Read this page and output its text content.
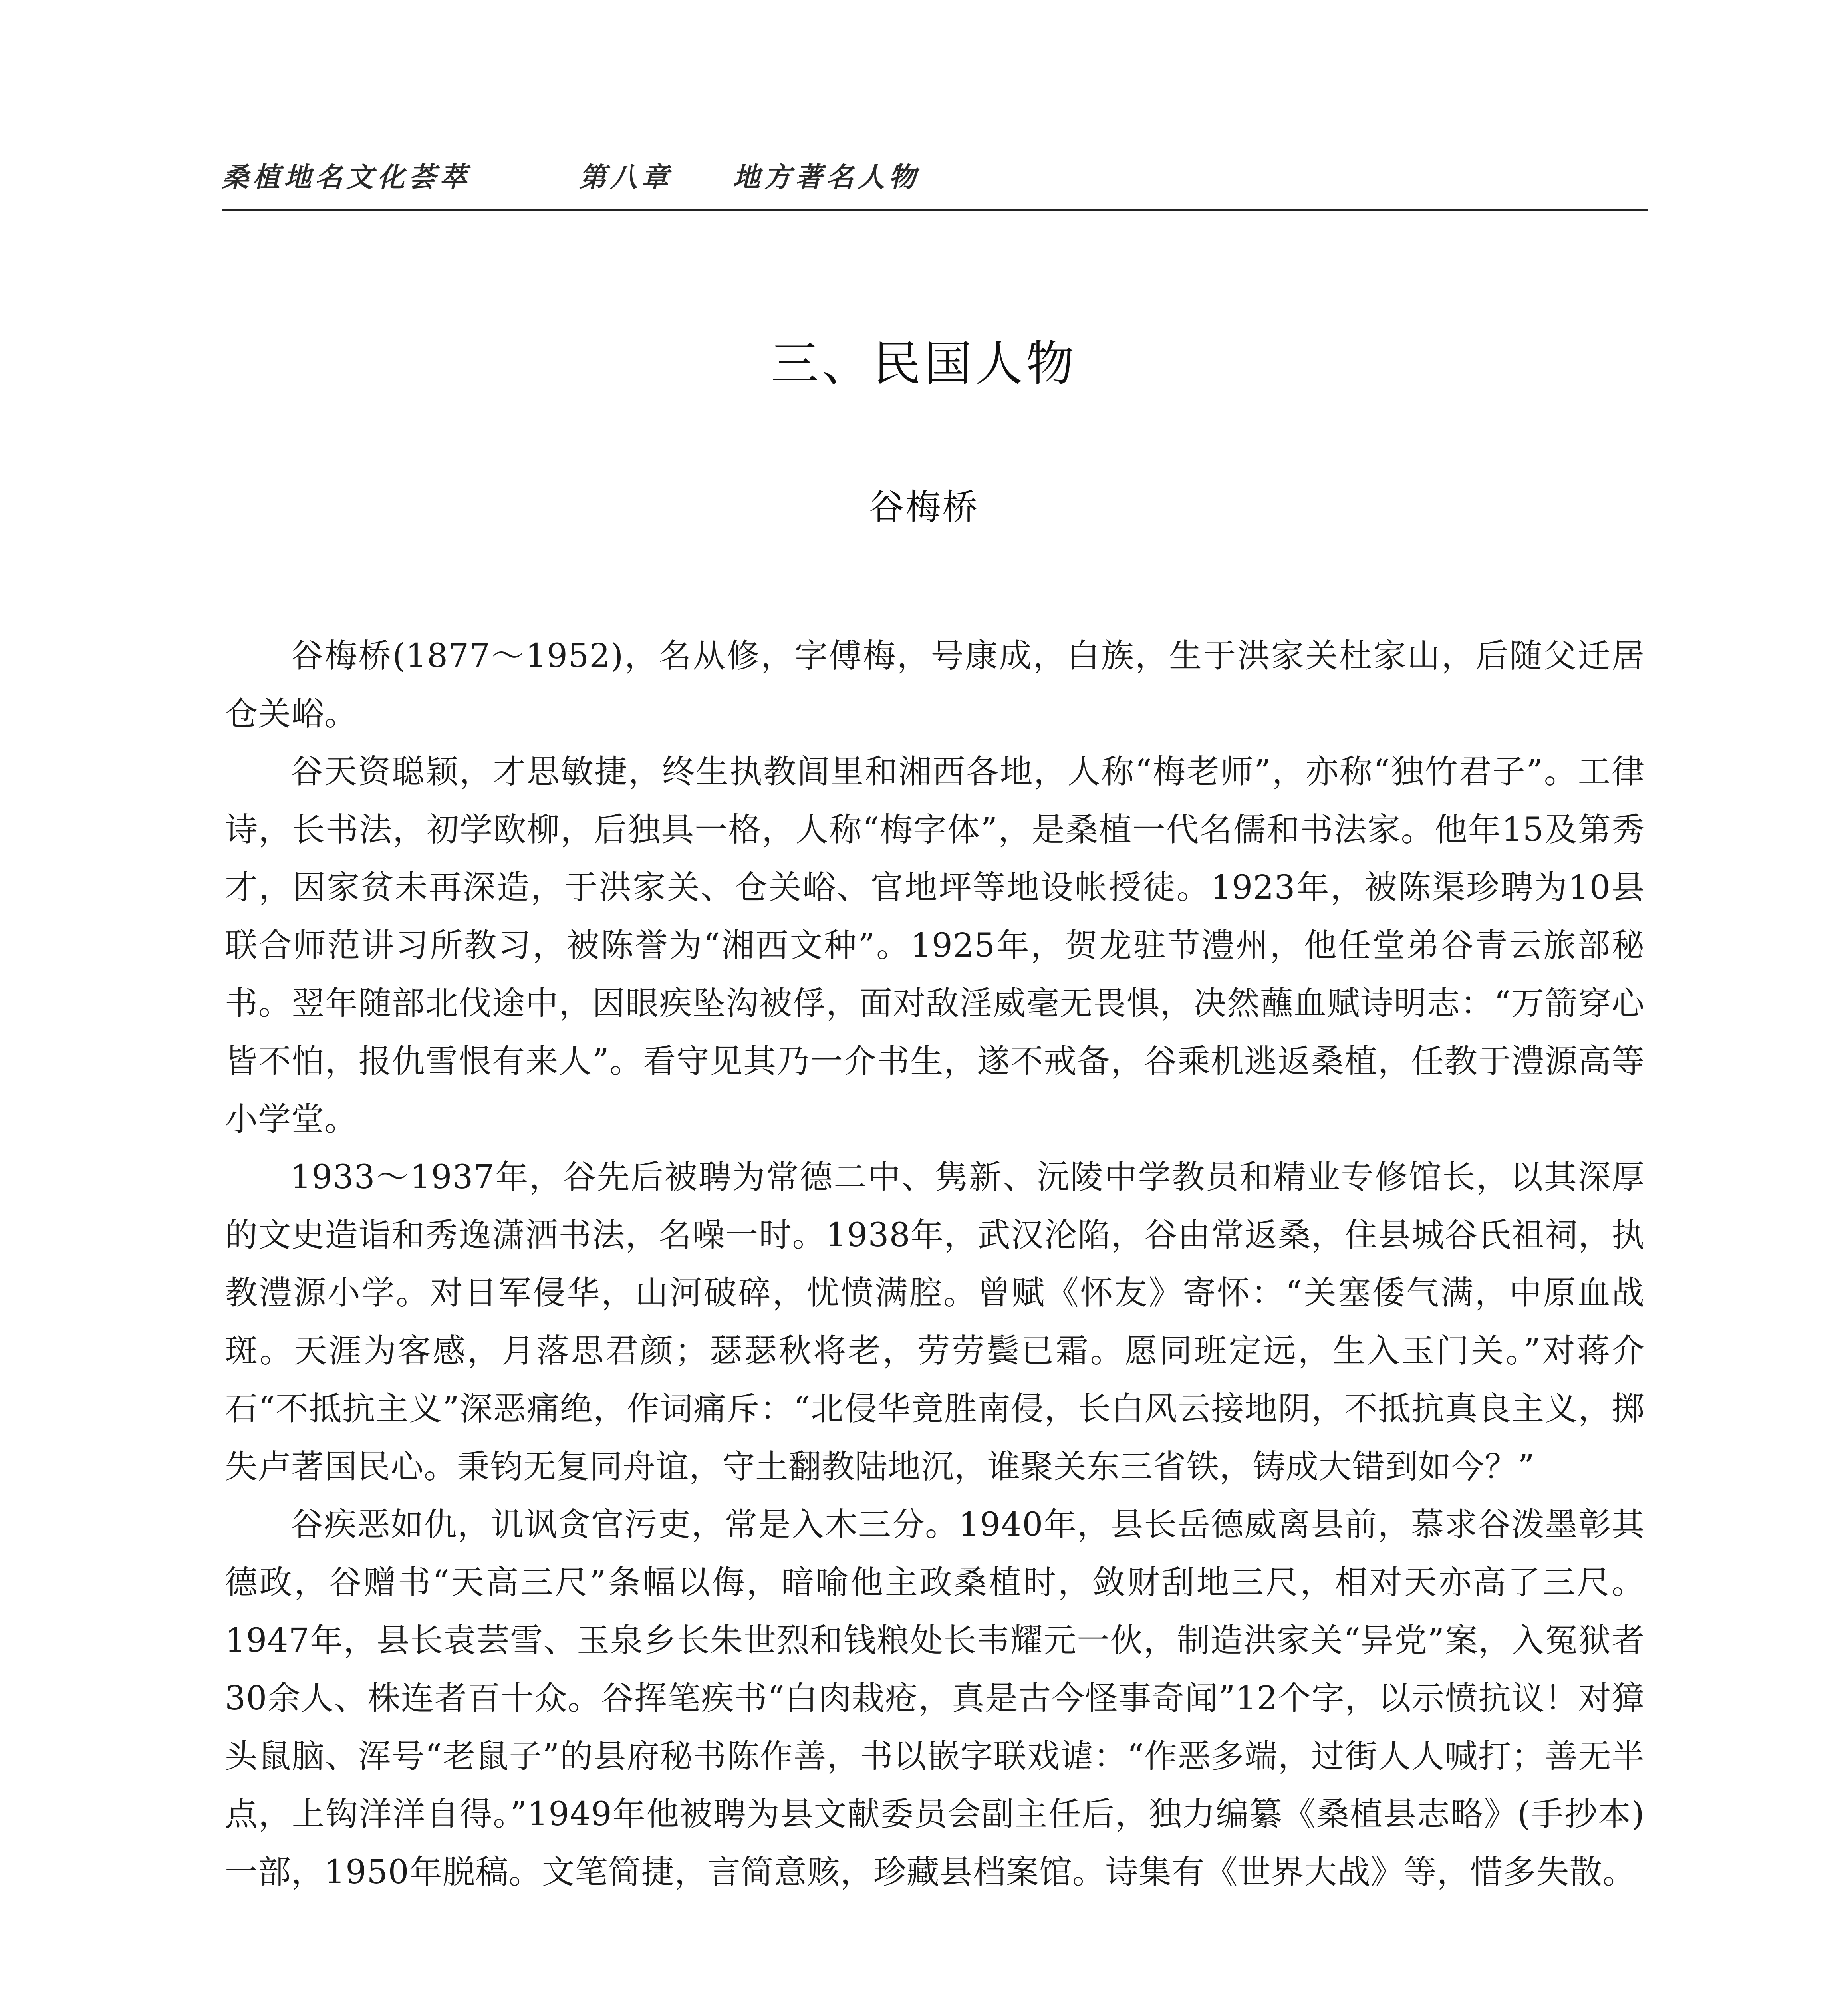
桑植地名文化荟萃	第八章 地方著名人物
三、民国人物
谷梅桥

谷梅桥(1877～1952)，名从修，字傅梅，号康成，白族，生于洪家关杜家山，后随父迁居仓关峪。

谷天资聪颖，才思敏捷，终生执教闾里和湘西各地，人称“梅老师”，亦称“独竹君子”。工律诗，长书法，初学欧柳，后独具一格，人称“梅字体”，是桑植一代名儒和书法家。他年15及第秀才，因家贫未再深造，于洪家关、仓关峪、官地坪等地设帐授徒。1923年，被陈渠珍聘为10县联合师范讲习所教习，被陈誉为“湘西文种”。1925年，贺龙驻节澧州，他任堂弟谷青云旅部秘书。翌年随部北伐途中，因眼疾坠沟被俘，面对敌淫威毫无畏惧，决然蘸血赋诗明志：“万箭穿心皆不怕，报仇雪恨有来人”。看守见其乃一介书生，遂不戒备，谷乘机逃返桑植，任教于澧源高等小学堂。

1933～1937年，谷先后被聘为常德二中、隽新、沅陵中学教员和精业专修馆长，以其深厚的文史造诣和秀逸潇洒书法，名噪一时。1938年，武汉沦陷，谷由常返桑，住县城谷氏祖祠，执教澧源小学。对日军侵华，山河破碎，忧愤满腔。曾赋《怀友》寄怀：“关塞倭气满，中原血战斑。天涯为客感，月落思君颜；瑟瑟秋将老，劳劳鬓已霜。愿同班定远，生入玉门关。”对蒋介石“不抵抗主义”深恶痛绝，作词痛斥：“北侵华竟胜南侵，长白风云接地阴，不抵抗真良主义，掷失卢著国民心。秉钧无复同舟谊，守土翻教陆地沉，谁聚关东三省铁，铸成大错到如今？”

谷疾恶如仇，讥讽贪官污吏，常是入木三分。1940年，县长岳德威离县前，慕求谷泼墨彰其德政，谷赠书“天高三尺”条幅以侮，暗喻他主政桑植时，敛财刮地三尺，相对天亦高了三尺。1947年，县长袁芸雪、玉泉乡长朱世烈和钱粮处长韦耀元一伙，制造洪家关“异党”案，入冤狱者30余人、株连者百十众。谷挥笔疾书“白肉栽疮，真是古今怪事奇闻”12个字，以示愤抗议！对獐头鼠脑、浑号“老鼠子”的县府秘书陈作善，书以嵌字联戏谑：“作恶多端，过街人人喊打；善无半点，上钩洋洋自得。”1949年他被聘为县文献委员会副主任后，独力编纂《桑植县志略》(手抄本)一部，1950年脱稿。文笔简捷，言简意赅，珍藏县档案馆。诗集有《世界大战》等，惜多失散。
